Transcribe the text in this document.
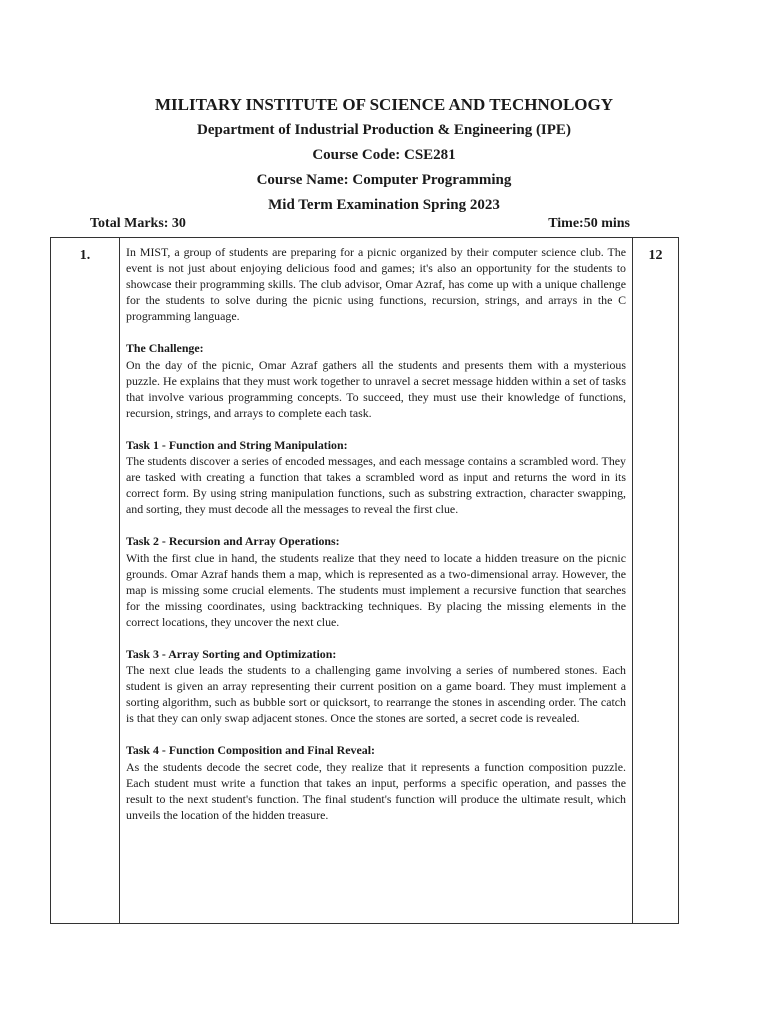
MILITARY INSTITUTE OF SCIENCE AND TECHNOLOGY

Department of Industrial Production & Engineering (IPE)

Course Code: CSE281

Course Name: Computer Programming

Mid Term Examination Spring 2023

Total Marks: 30	Time:50 mins
1.	In MIST, a group of students are preparing for a picnic organized by their computer science club. The event is not just about enjoying delicious food and games; it's also an opportunity for the students to showcase their programming skills. The club advisor, Omar Azraf, has come up with a unique challenge for the students to solve during the picnic using functions, recursion, strings, and arrays in the C programming language.

The Challenge:

On the day of the picnic, Omar Azraf gathers all the students and presents them with a mysterious puzzle. He explains that they must work together to unravel a secret message hidden within a set of tasks that involve various programming concepts. To succeed, they must use their knowledge of functions, recursion, strings, and arrays to complete each task.

Task 1 - Function and String Manipulation:

The students discover a series of encoded messages, and each message contains a scrambled word. They are tasked with creating a function that takes a scrambled word as input and returns the word in its correct form. By using string manipulation functions, such as substring extraction, character swapping, and sorting, they must decode all the messages to reveal the first clue.

Task 2 - Recursion and Array Operations:

With the first clue in hand, the students realize that they need to locate a hidden treasure on the picnic grounds. Omar Azraf hands them a map, which is represented as a two-dimensional array. However, the map is missing some crucial elements. The students must implement a recursive function that searches for the missing coordinates, using backtracking techniques. By placing the missing elements in the correct locations, they uncover the next clue.

Task 3 - Array Sorting and Optimization:

The next clue leads the students to a challenging game involving a series of numbered stones. Each student is given an array representing their current position on a game board. They must implement a sorting algorithm, such as bubble sort or quicksort, to rearrange the stones in ascending order. The catch is that they can only swap adjacent stones. Once the stones are sorted, a secret code is revealed.

Task 4 - Function Composition and Final Reveal:

As the students decode the secret code, they realize that it represents a function composition puzzle. Each student must write a function that takes an input, performs a specific operation, and passes the result to the next student's function. The final student's function will produce the ultimate result, which unveils the location of the hidden treasure.

	12
